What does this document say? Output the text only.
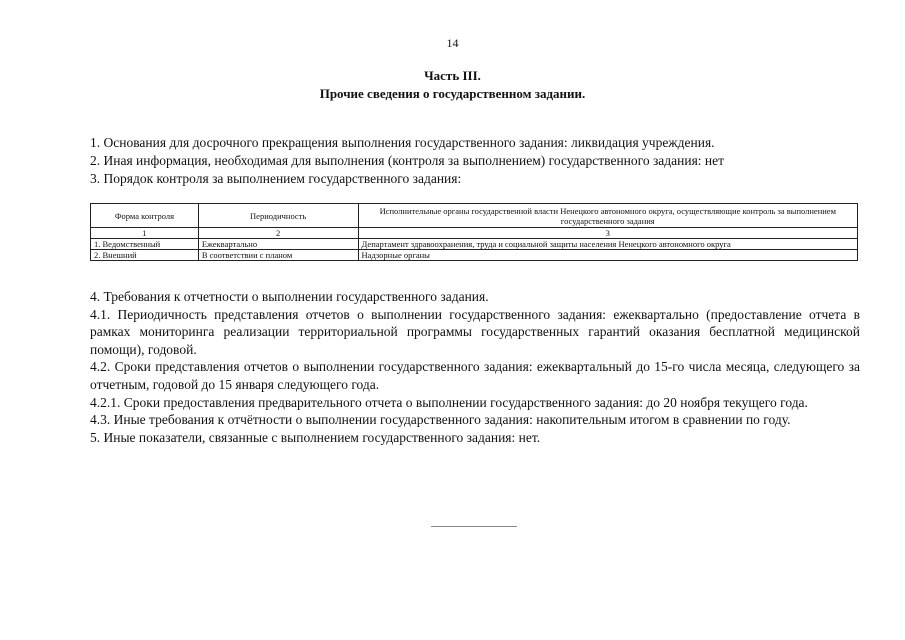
14
Часть III.
Прочие сведения о государственном задании.

1. Основания для досрочного прекращения выполнения государственного задания: ликвидация учреждения.

2. Иная информация, необходимая для выполнения (контроля за выполнением) государственного задания: нет

3. Порядок контроля за выполнением государственного задания:

Форма контроля	Периодичность	Исполнительные органы государственной власти Ненецкого автономного округа, осуществляющие контроль за выполнением государственного задания
1	2	3
1. Ведомственный	Ежеквартально	Департамент здравоохранения, труда и социальной защиты населения Ненецкого автономного округа
2. Внешний	В соответствии с планом	Надзорные органы

4. Требования к отчетности о выполнении государственного задания.

4.1. Периодичность представления отчетов о выполнении государственного задания: ежеквартально (предоставление отчета в рамках мониторинга реализации территориальной программы государственных гарантий оказания бесплатной медицинской помощи), годовой.

4.2. Сроки представления отчетов о выполнении государственного задания: ежеквартальный до 15-го числа месяца, следующего за отчетным, годовой до 15 января следующего года.

4.2.1. Сроки предоставления предварительного отчета о выполнении государственного задания: до 20 ноября текущего года.

4.3. Иные требования к отчётности о выполнении государственного задания: накопительным итогом в сравнении по году.

5. Иные показатели, связанные с выполнением государственного задания: нет.
